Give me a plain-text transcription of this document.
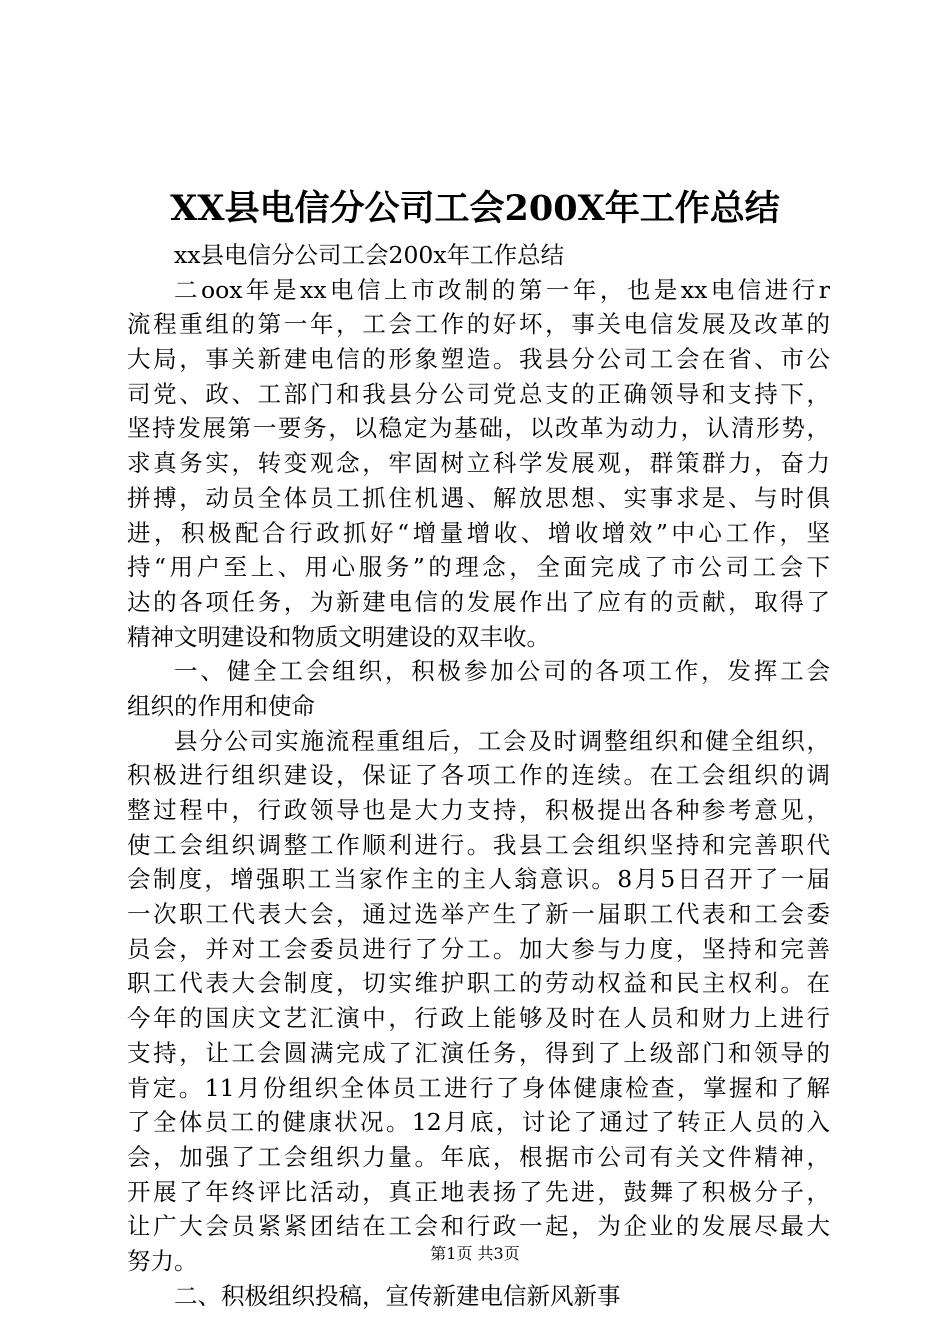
XX县电信分公司工会200X年工作总结
xx县电信分公司工会200x年工作总结
二oox年是xx电信上市改制的第一年，也是xx电信进行r
流程重组的第一年，工会工作的好坏，事关电信发展及改革的
大局，事关新建电信的形象塑造。我县分公司工会在省、市公
司党、政、工部门和我县分公司党总支的正确领导和支持下，
坚持发展第一要务，以稳定为基础，以改革为动力，认清形势，
求真务实，转变观念，牢固树立科学发展观，群策群力，奋力
拼搏，动员全体员工抓住机遇、解放思想、实事求是、与时俱
进，积极配合行政抓好“增量增收、增收增效”中心工作，坚
持“用户至上、用心服务”的理念，全面完成了市公司工会下
达的各项任务，为新建电信的发展作出了应有的贡献，取得了
精神文明建设和物质文明建设的双丰收。
一、健全工会组织，积极参加公司的各项工作，发挥工会
组织的作用和使命
县分公司实施流程重组后，工会及时调整组织和健全组织，
积极进行组织建设，保证了各项工作的连续。在工会组织的调
整过程中，行政领导也是大力支持，积极提出各种参考意见，
使工会组织调整工作顺利进行。我县工会组织坚持和完善职代
会制度，增强职工当家作主的主人翁意识。8月5日召开了一届
一次职工代表大会，通过选举产生了新一届职工代表和工会委
员会，并对工会委员进行了分工。加大参与力度，坚持和完善
职工代表大会制度，切实维护职工的劳动权益和民主权利。在
今年的国庆文艺汇演中，行政上能够及时在人员和财力上进行
支持，让工会圆满完成了汇演任务，得到了上级部门和领导的
肯定。11月份组织全体员工进行了身体健康检查，掌握和了解
了全体员工的健康状况。12月底，讨论了通过了转正人员的入
会，加强了工会组织力量。年底，根据市公司有关文件精神，
开展了年终评比活动，真正地表扬了先进，鼓舞了积极分子，
让广大会员紧紧团结在工会和行政一起，为企业的发展尽最大
努力。
二、积极组织投稿，宣传新建电信新风新事
第1页 共3页
